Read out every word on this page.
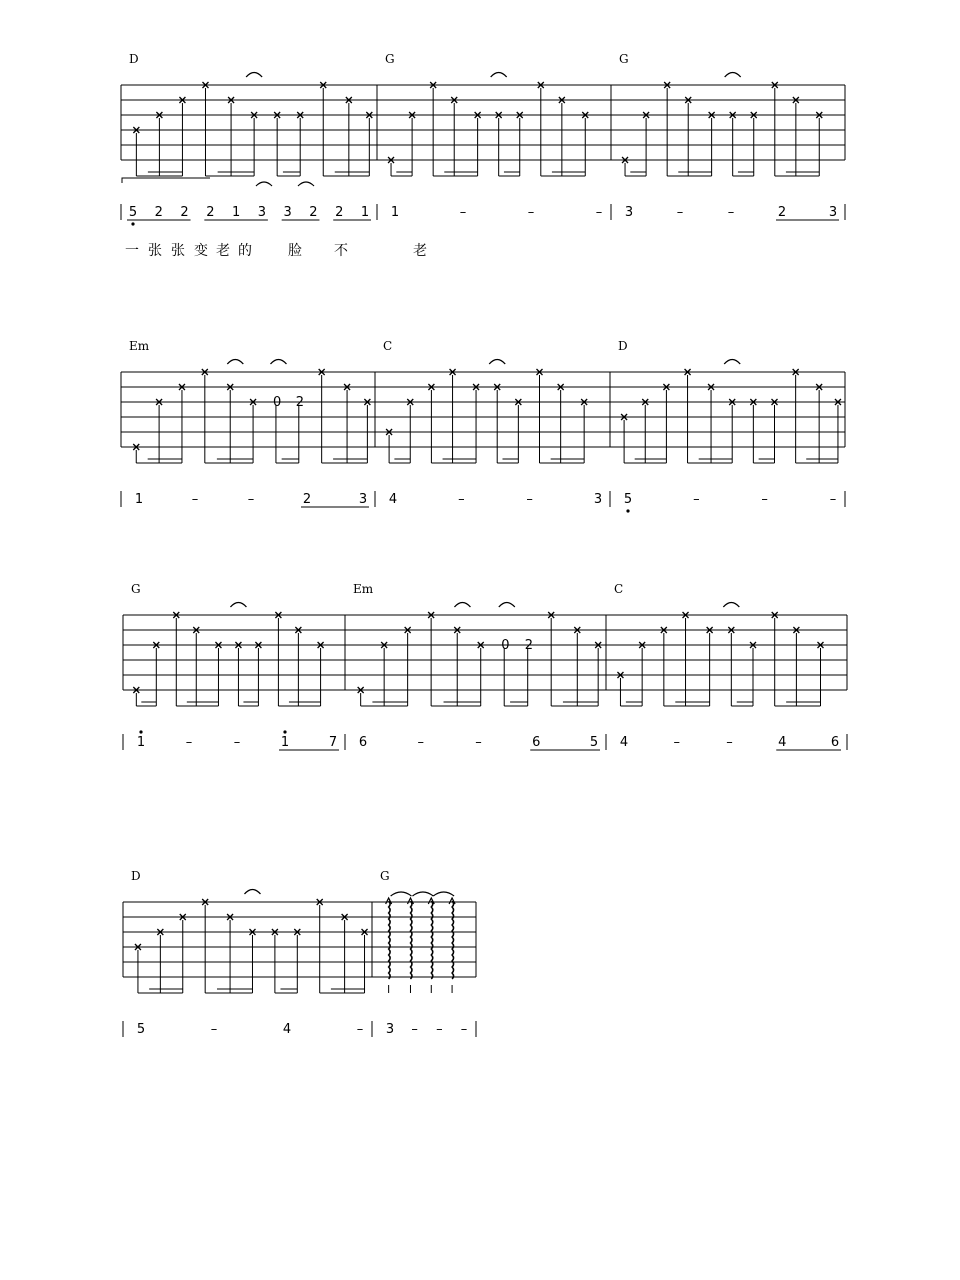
D
5 2 2 2 1 3 3 2 2 1
G
1	–	–	–
G
3	–	–	2	3
Em
0 2
1	–	–	2	3
C
4	–	–	3
D
5	–	–	–
G
1	–	–	1	7
Em
0 2
6	–	–	6	5
C
4	–	–	4	6
D
5	–	4	–
G
3 – – –
一 张 张 变 老 的	脸 不	老
